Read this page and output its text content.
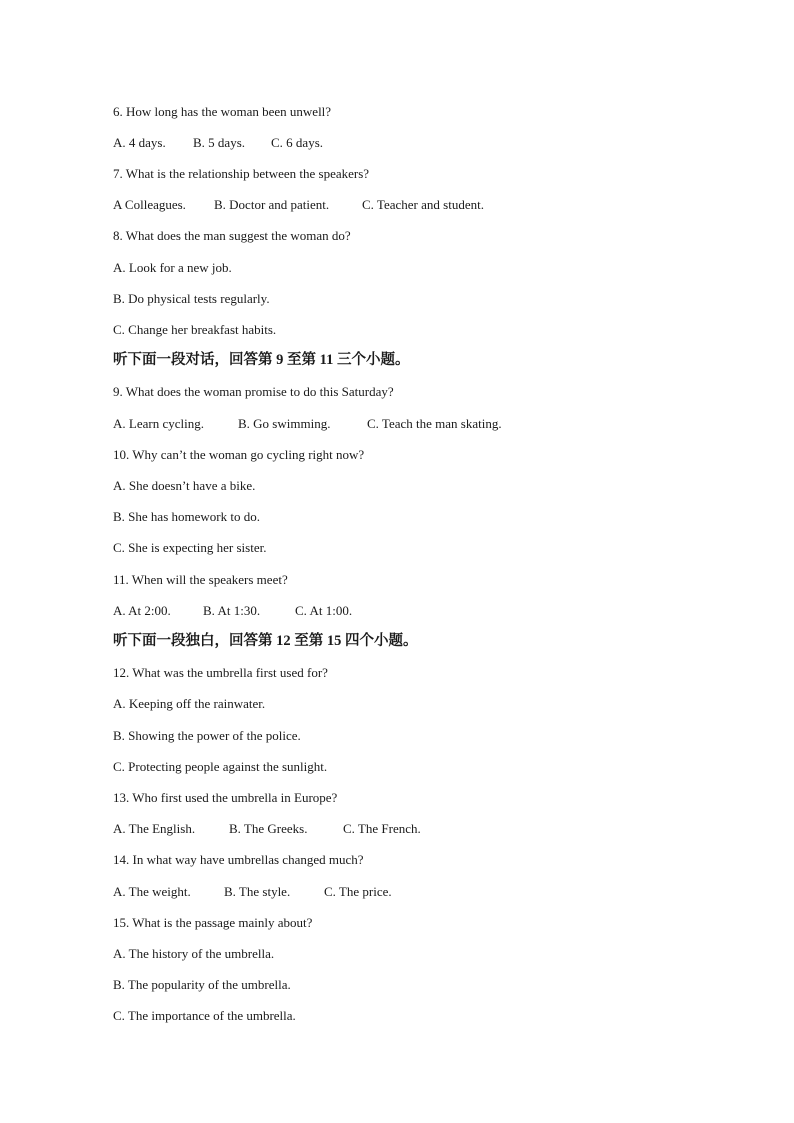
6. How long has the woman been unwell?
A. 4 days. B. 5 days. C. 6 days.
7. What is the relationship between the speakers?
A Colleagues. B. Doctor and patient.	C. Teacher and student.
8. What does the man suggest the woman do?
A. Look for a new job.
B. Do physical tests regularly.
C. Change her breakfast habits.
听下面一段对话，回答第 9 至第 11 三个小题。
9. What does the woman promise to do this Saturday?
A. Learn cycling.	B. Go swimming.	C. Teach the man skating.
10. Why can’t the woman go cycling right now?
A. She doesn’t have a bike.
B. She has homework to do.
C. She is expecting her sister.
11. When will the speakers meet?
A. At 2:00. B. At 1:30.	C. At 1:00.
听下面一段独白，回答第 12 至第 15 四个小题。
12. What was the umbrella first used for?
A. Keeping off the rainwater.
B. Showing the power of the police.
C. Protecting people against the sunlight.
13. Who first used the umbrella in Europe?
A. The English.	B. The Greeks.	C. The French.
14. In what way have umbrellas changed much?
A. The weight.	B. The style.	C. The price.
15. What is the passage mainly about?
A. The history of the umbrella.
B. The popularity of the umbrella.
C. The importance of the umbrella.
